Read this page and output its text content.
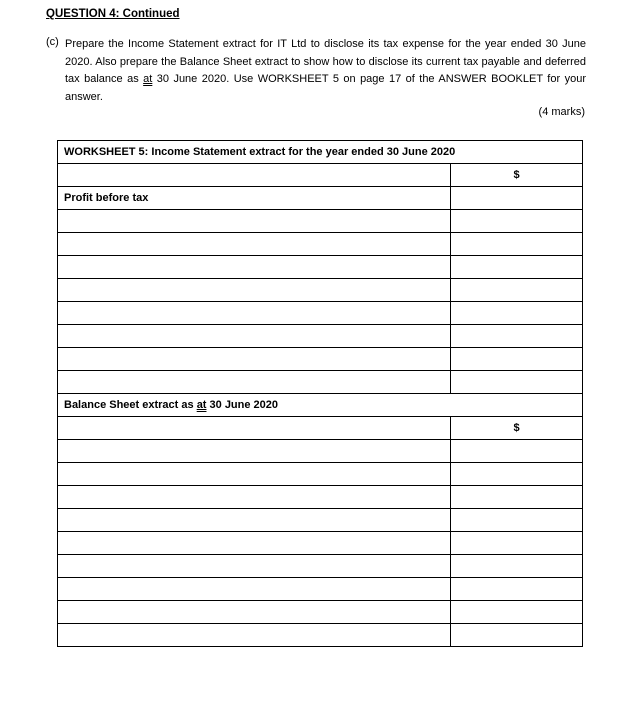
QUESTION 4: Continued

(c) Prepare the Income Statement extract for IT Ltd to disclose its tax expense for the year ended 30 June 2020. Also prepare the Balance Sheet extract to show how to disclose its current tax payable and deferred tax balance as at 30 June 2020. Use WORKSHEET 5 on page 17 of the ANSWER BOOKLET for your answer.
(4 marks)
WORKSHEET 5: Income Statement extract for the year ended 30 June 2020	
	$
Profit before tax	

Balance Sheet extract as at 30 June 2020	
	$
